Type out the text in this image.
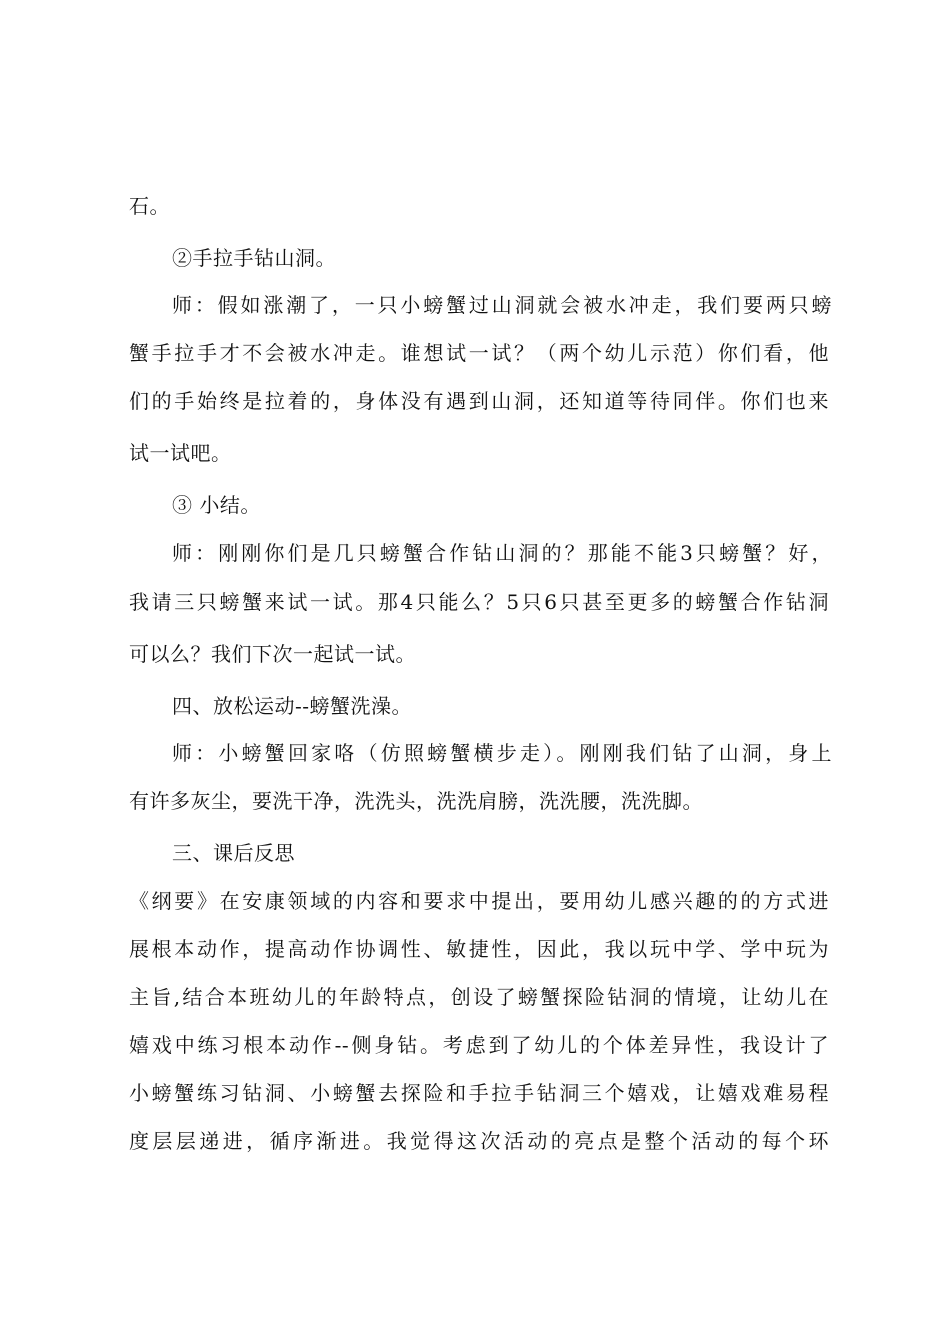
石。
②手拉手钻山洞。
师：假如涨潮了，一只小螃蟹过山洞就会被水冲走，我们要两只螃
蟹手拉手才不会被水冲走。谁想试一试？（两个幼儿示范）你们看，他
们的手始终是拉着的，身体没有遇到山洞，还知道等待同伴。你们也来
试一试吧。
③ 小结。
师：刚刚你们是几只螃蟹合作钻山洞的？那能不能3只螃蟹？好，
我请三只螃蟹来试一试。那4只能么？5只6只甚至更多的螃蟹合作钻洞
可以么？我们下次一起试一试。
四、放松运动--螃蟹洗澡。
师：小螃蟹回家咯（仿照螃蟹横步走）。刚刚我们钻了山洞，身上
有许多灰尘，要洗干净，洗洗头，洗洗肩膀，洗洗腰，洗洗脚。
三、课后反思
《纲要》在安康领域的内容和要求中提出，要用幼儿感兴趣的的方式进
展根本动作，提高动作协调性、敏捷性，因此，我以玩中学、学中玩为
主旨,结合本班幼儿的年龄特点，创设了螃蟹探险钻洞的情境，让幼儿在
嬉戏中练习根本动作--侧身钻。考虑到了幼儿的个体差异性，我设计了
小螃蟹练习钻洞、小螃蟹去探险和手拉手钻洞三个嬉戏，让嬉戏难易程
度层层递进，循序渐进。我觉得这次活动的亮点是整个活动的每个环
